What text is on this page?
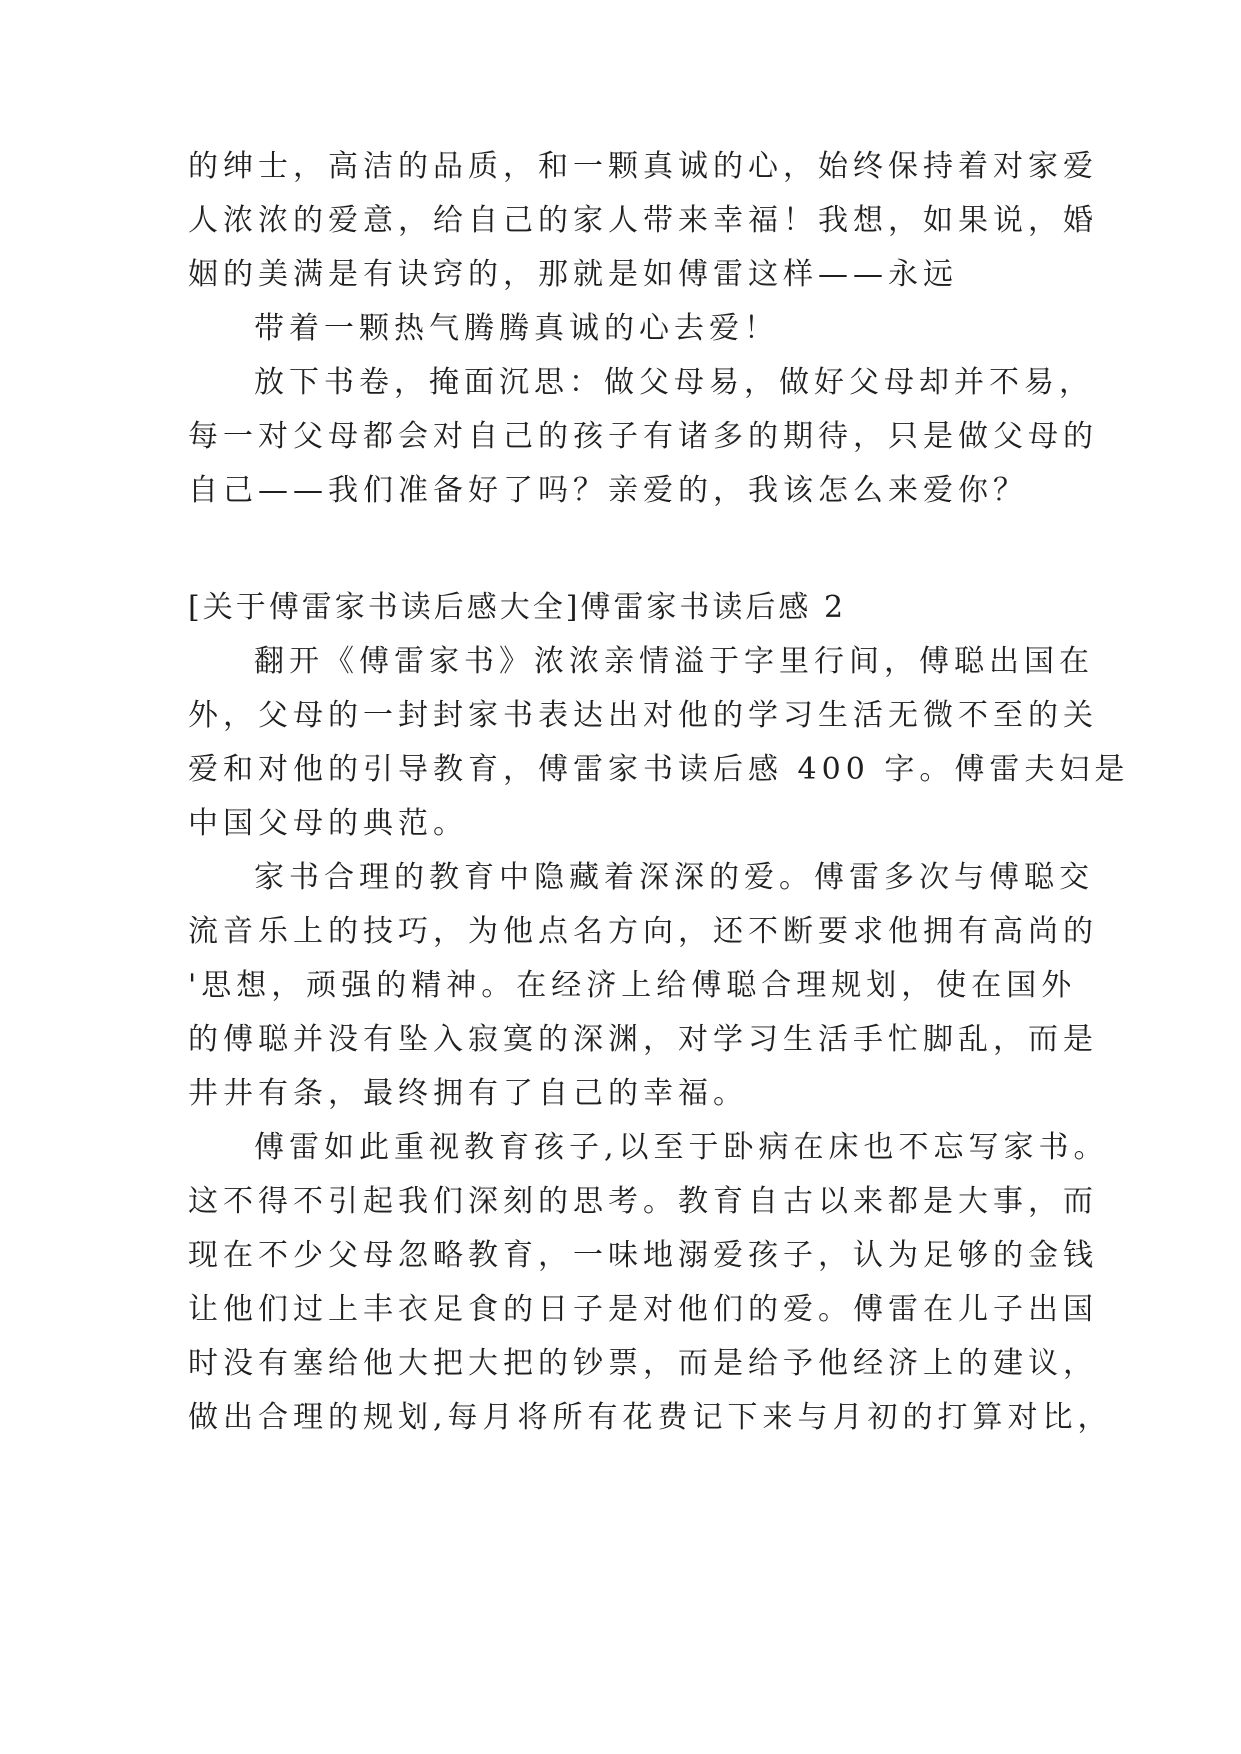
的绅士，高洁的品质，和一颗真诚的心，始终保持着对家爱

人浓浓的爱意，给自己的家人带来幸福！我想，如果说，婚

姻的美满是有诀窍的，那就是如傅雷这样——永远

带着一颗热气腾腾真诚的心去爱！

放下书卷，掩面沉思：做父母易，做好父母却并不易，

每一对父母都会对自己的孩子有诸多的期待，只是做父母的

自己——我们准备好了吗？亲爱的，我该怎么来爱你？

[关于傅雷家书读后感大全]傅雷家书读后感 2

翻开《傅雷家书》浓浓亲情溢于字里行间，傅聪出国在

外，父母的一封封家书表达出对他的学习生活无微不至的关

爱和对他的引导教育，傅雷家书读后感 400 字。傅雷夫妇是

中国父母的典范。

家书合理的教育中隐藏着深深的爱。傅雷多次与傅聪交

流音乐上的技巧，为他点名方向，还不断要求他拥有高尚的

'思想，顽强的精神。在经济上给傅聪合理规划，使在国外

的傅聪并没有坠入寂寞的深渊，对学习生活手忙脚乱，而是

井井有条，最终拥有了自己的幸福。

傅雷如此重视教育孩子,以至于卧病在床也不忘写家书。

这不得不引起我们深刻的思考。教育自古以来都是大事，而

现在不少父母忽略教育，一味地溺爱孩子，认为足够的金钱

让他们过上丰衣足食的日子是对他们的爱。傅雷在儿子出国

时没有塞给他大把大把的钞票，而是给予他经济上的建议，

做出合理的规划,每月将所有花费记下来与月初的打算对比，
